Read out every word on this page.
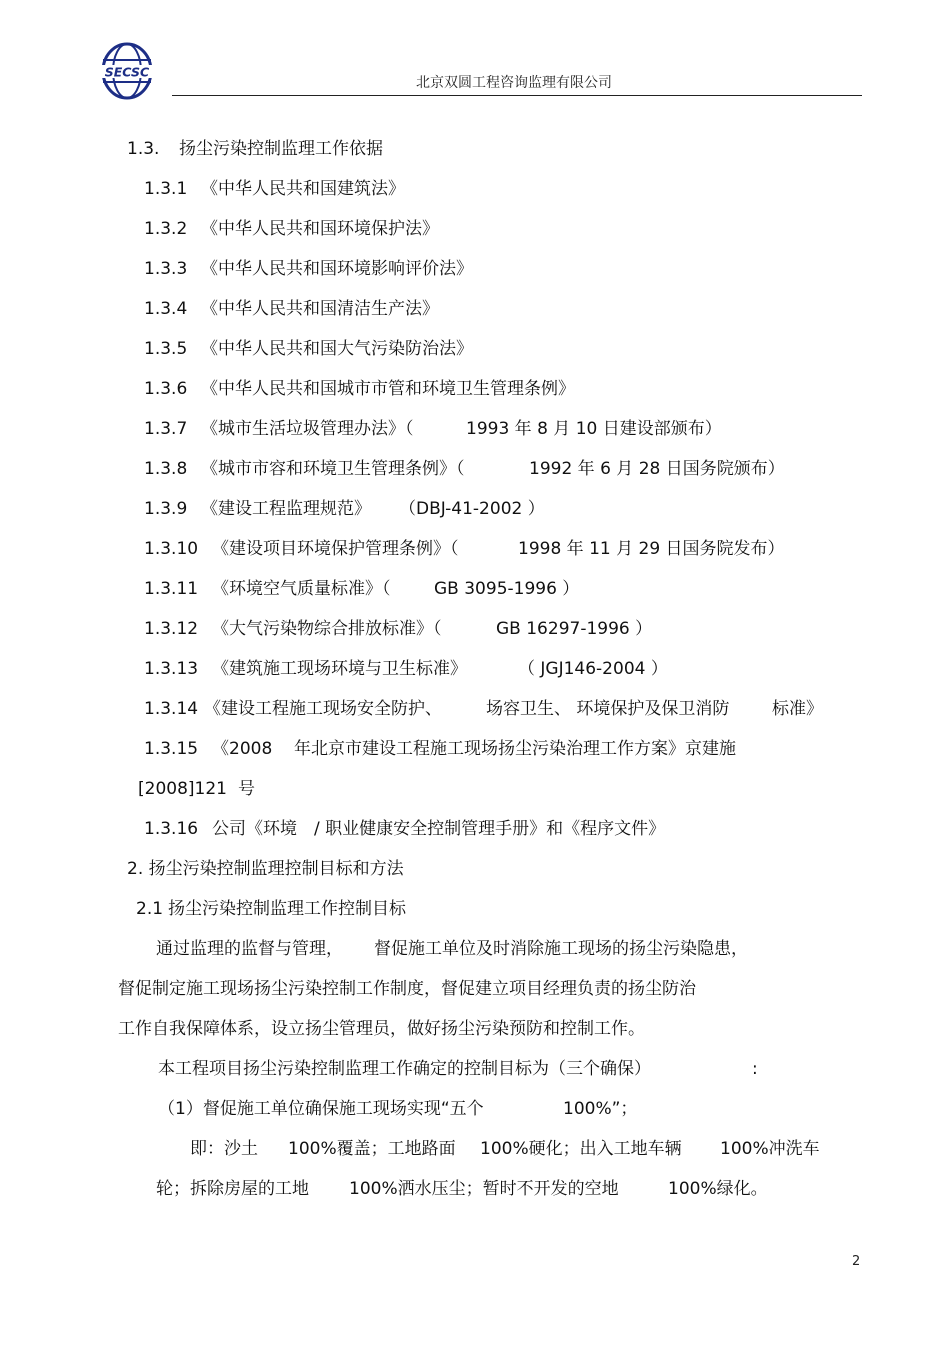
SECSC
北京双圆工程咨询监理有限公司
1.3. 扬尘污染控制监理工作依据
1.3.1 《中华人民共和国建筑法》
1.3.2 《中华人民共和国环境保护法》
1.3.3 《中华人民共和国环境影响评价法》
1.3.4 《中华人民共和国清洁生产法》
1.3.5 《中华人民共和国大气污染防治法》
1.3.6 《中华人民共和国城市市管和环境卫生管理条例》
1.3.7 《城市生活垃圾管理办法》（	1993 年 8 月 10 日建设部颁布）
1.3.8 《城市市容和环境卫生管理条例》（	1992 年 6 月 28 日国务院颁布）
1.3.9 《建设工程监理规范》 （DBJ-41-2002 ）
1.3.10 《建设项目环境保护管理条例》（	1998 年 11 月 29 日国务院发布）
1.3.11 《环境空气质量标准》（	GB 3095-1996 ）
1.3.12 《大气污染物综合排放标准》（	GB 16297-1996 ）
1.3.13 《建筑施工现场环境与卫生标准》	（ JGJ146-2004 ）
1.3.14 《建设工程施工现场安全防护、	场容卫生、 环境保护及保卫消防	标准》
1.3.15 《2008 年北京市建设工程施工现场扬尘污染治理工作方案》京建施
[2008]121 号
1.3.16 公司《环境 / 职业健康安全控制管理手册》和《程序文件》
2. 扬尘污染控制监理控制目标和方法
2.1 扬尘污染控制监理工作控制目标
通过监理的监督与管理， 督促施工单位及时消除施工现场的扬尘污染隐患，
督促制定施工现场扬尘污染控制工作制度，督促建立项目经理负责的扬尘防治
工作自我保障体系，设立扬尘管理员，做好扬尘污染预防和控制工作。
本工程项目扬尘污染控制监理工作确定的控制目标为（三个确保）	:
（1）督促施工单位确保施工现场实现“五个	100%”；
即：沙土 100%覆盖；工地路面 100%硬化；出入工地车辆 100%冲洗车
轮；拆除房屋的工地 100%洒水压尘；暂时不开发的空地	100%绿化。
2
